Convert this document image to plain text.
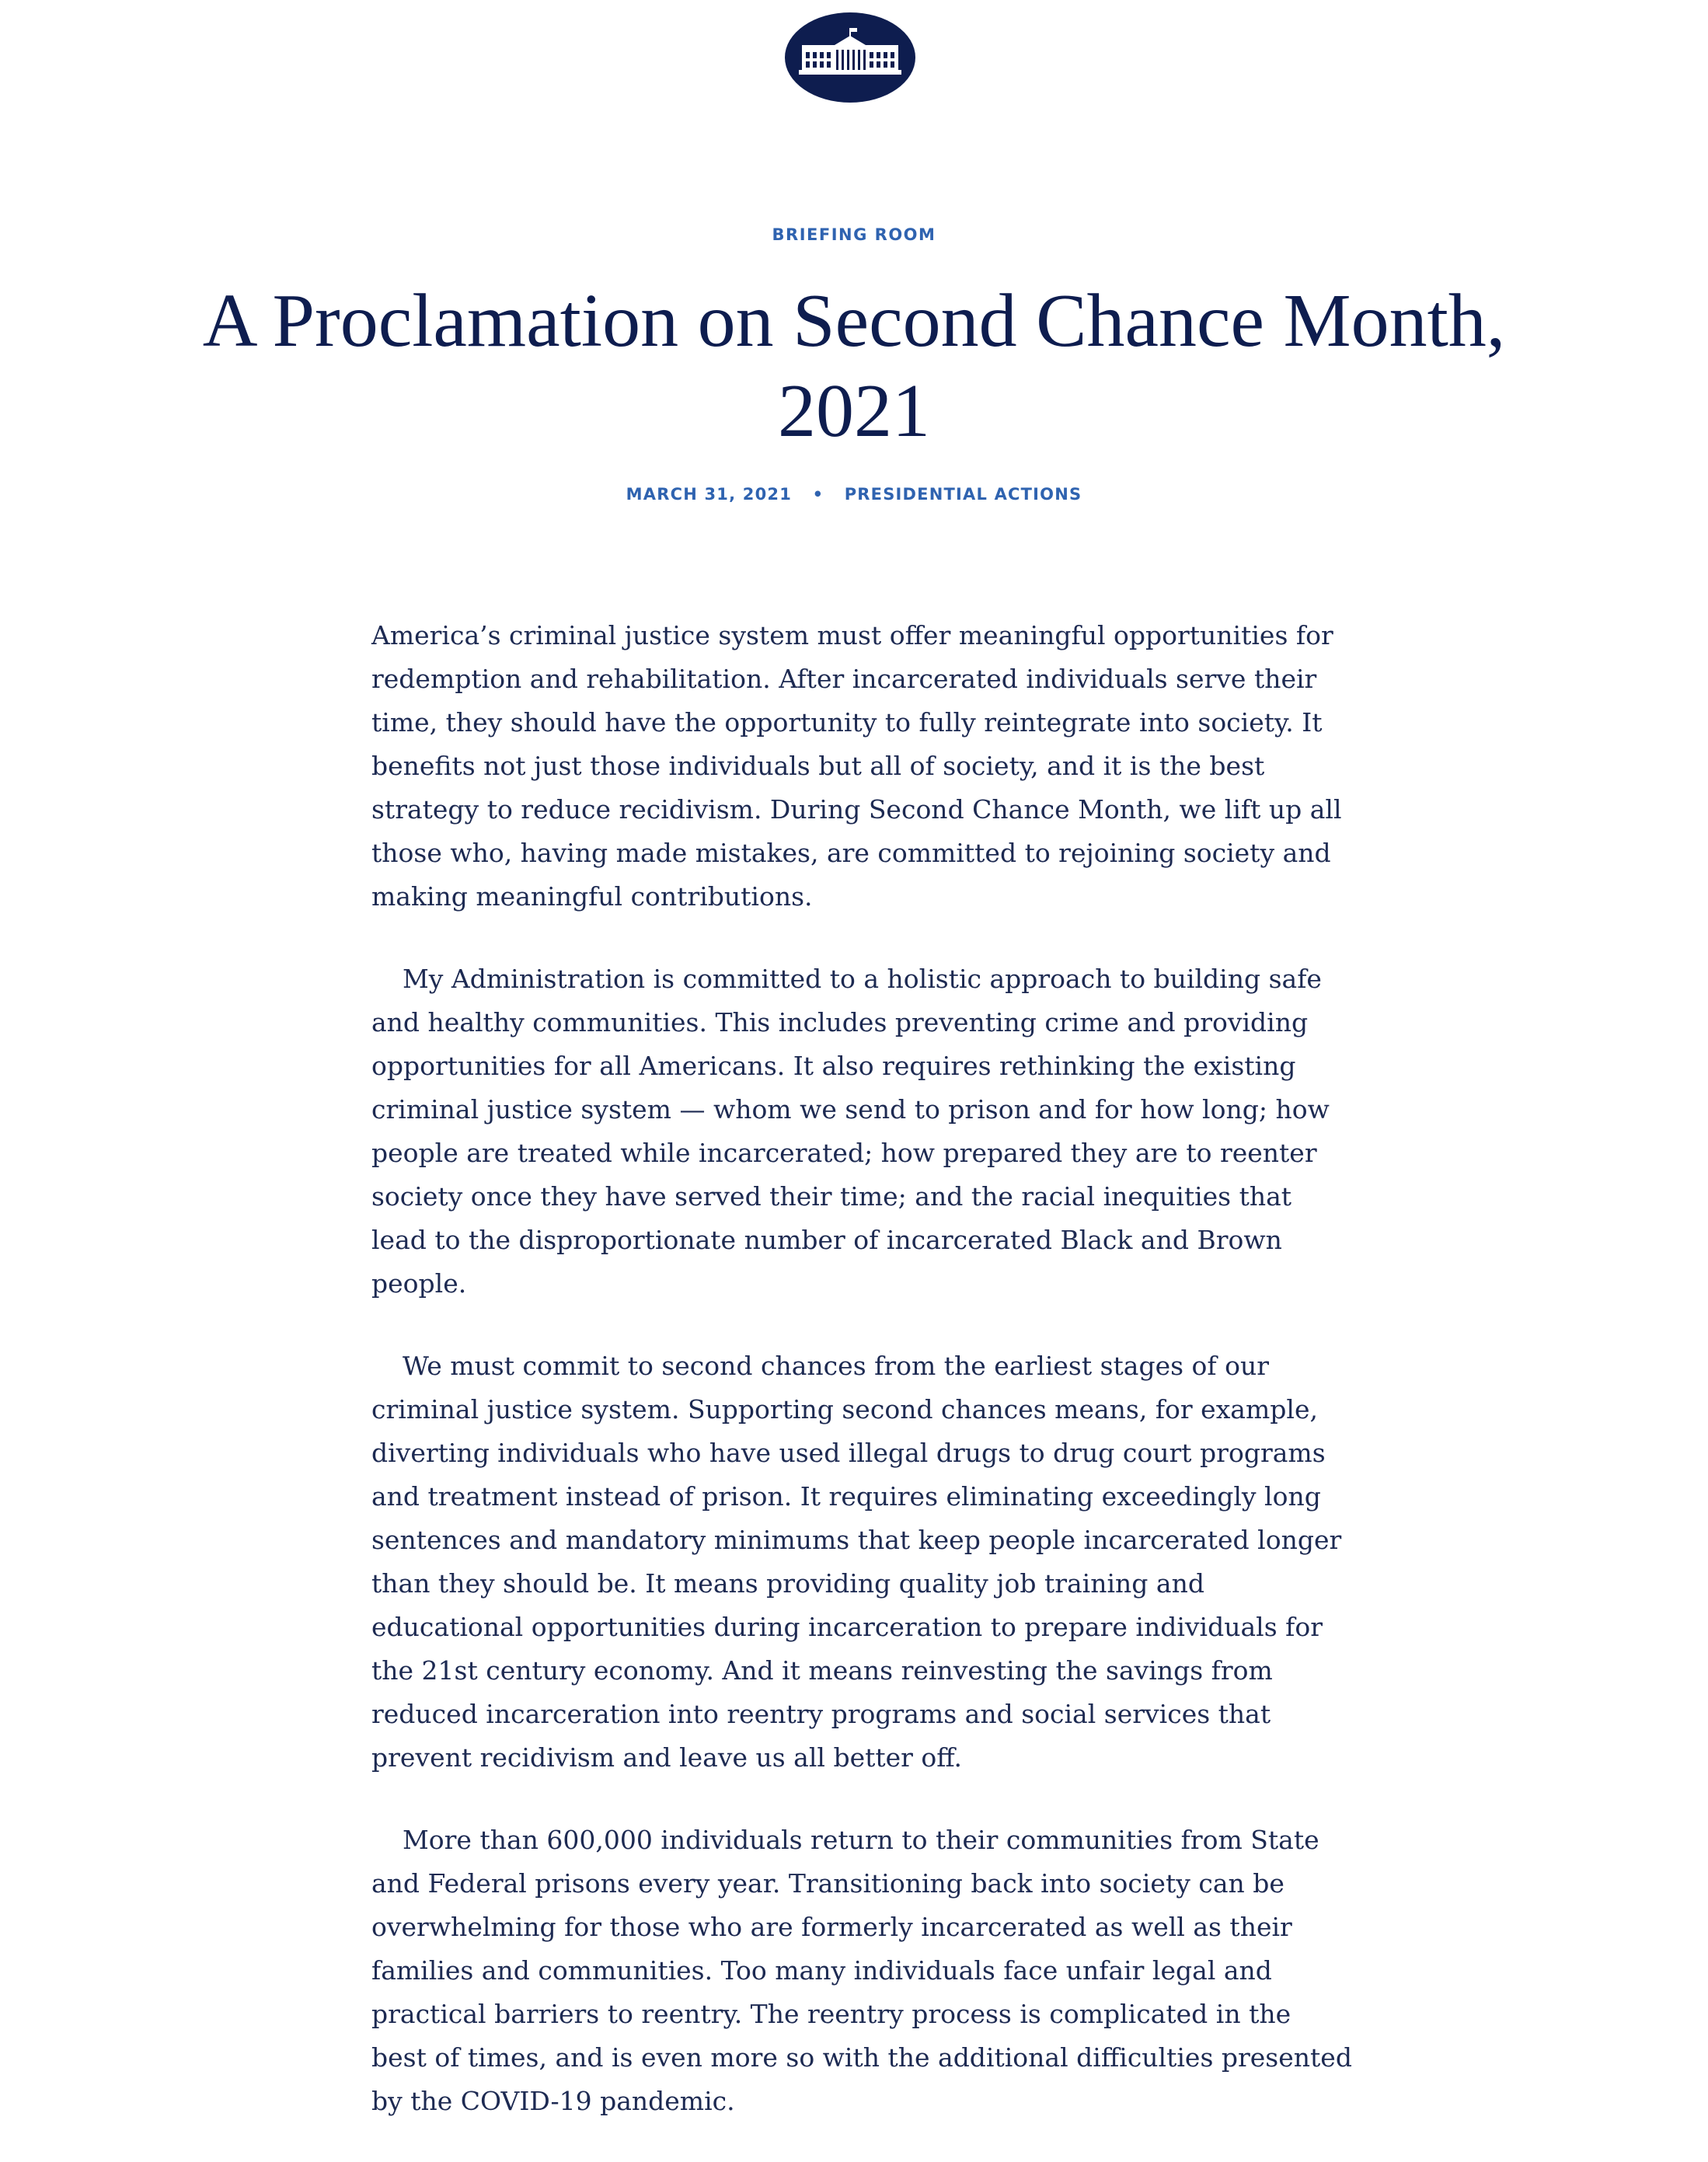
BRIEFING ROOM
A Proclamation on Second Chance Month, 2021
MARCH 31, 2021 • PRESIDENTIAL ACTIONS

America’s criminal justice system must offer meaningful opportunities for redemption and rehabilitation. After incarcerated individuals serve their time, they should have the opportunity to fully reintegrate into society. It benefits not just those individuals but all of society, and it is the best strategy to reduce recidivism. During Second Chance Month, we lift up all those who, having made mistakes, are committed to rejoining society and making meaningful contributions.

My Administration is committed to a holistic approach to building safe and healthy communities. This includes preventing crime and providing opportunities for all Americans. It also requires rethinking the existing criminal justice system — whom we send to prison and for how long; how people are treated while incarcerated; how prepared they are to reenter society once they have served their time; and the racial inequities that lead to the disproportionate number of incarcerated Black and Brown people.

We must commit to second chances from the earliest stages of our criminal justice system. Supporting second chances means, for example, diverting individuals who have used illegal drugs to drug court programs and treatment instead of prison. It requires eliminating exceedingly long sentences and mandatory minimums that keep people incarcerated longer than they should be. It means providing quality job training and educational opportunities during incarceration to prepare individuals for the 21st century economy. And it means reinvesting the savings from reduced incarceration into reentry programs and social services that prevent recidivism and leave us all better off.

More than 600,000 individuals return to their communities from State and Federal prisons every year. Transitioning back into society can be overwhelming for those who are formerly incarcerated as well as their families and communities. Too many individuals face unfair legal and practical barriers to reentry. The reentry process is complicated in the best of times, and is even more so with the additional difficulties presented by the COVID-19 pandemic.
